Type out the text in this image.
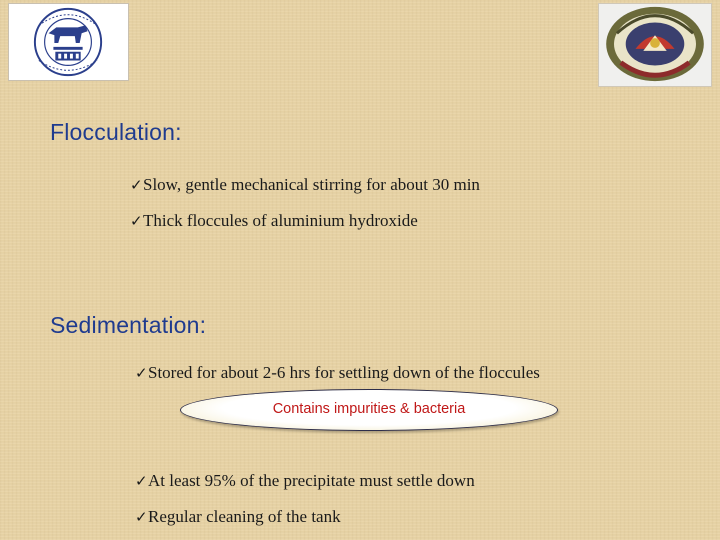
Flocculation:

✓Slow, gentle mechanical stirring for about 30 min

✓Thick floccules of aluminium hydroxide

Sedimentation:

✓Stored for about 2-6 hrs for settling down of the floccules

Contains impurities & bacteria

✓At least 95% of the precipitate must settle down

✓Regular cleaning of the tank
